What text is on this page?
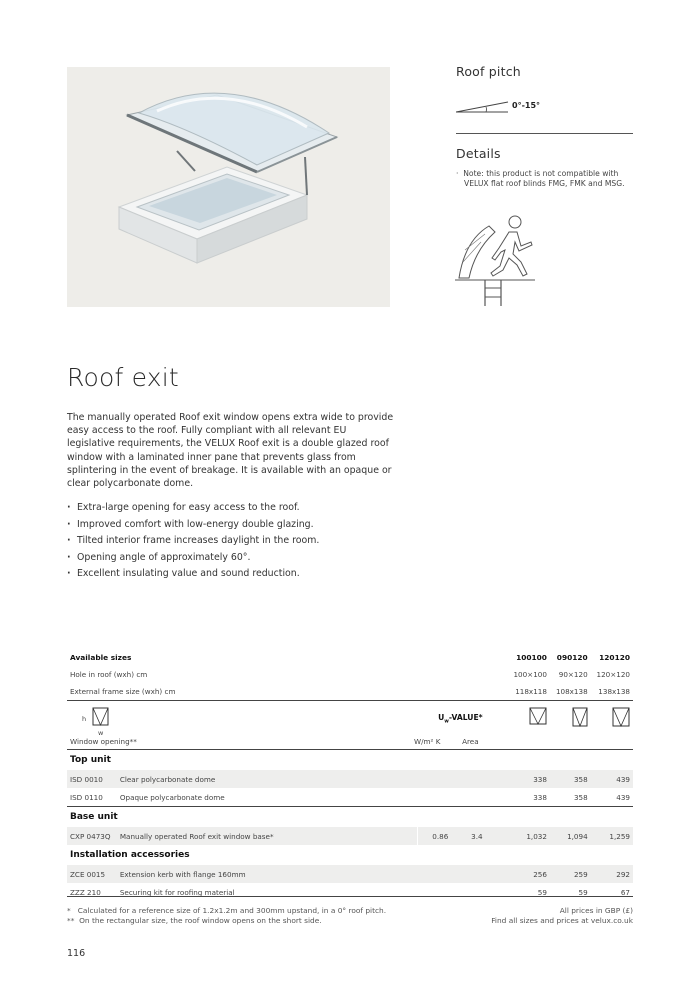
Roof pitch
0°-15°
Details
·  Note: this product is not compatible with
VELUX flat roof blinds FMG, FMK and MSG.
Roof exit
The manually operated Roof exit window opens extra wide to provide easy access to the roof. Fully compliant with all relevant EU legislative requirements, the VELUX Roof exit is a double glazed roof window with a laminated inner pane that prevents glass from splintering in the event of breakage. It is available with an opaque or clear polycarbonate dome.
· Extra-large opening for easy access to the roof.
· Improved comfort with low-energy double glazing.
· Tilted interior frame increases daylight in the room.
· Opening angle of approximately 60°.
· Excellent insulating value and sound reduction.
Available sizes				100100	090120	120120
Hole in roof (wxh) cm				100×100	90×120	120×120
External frame size (wxh) cm				118x118	108x138	138x138

h
w
Window opening**		$U_w-VALUE*$
W/m² K Area

Top unit						
ISD 0010	Clear polycarbonate dome			338	358	439
ISD 0110	Opaque polycarbonate dome			338	358	439
Base unit						
CXP 0473Q	Manually operated Roof exit window base*	0.86	3.4	1,032	1,094	1,259
Installation accessories						
ZCE 0015	Extension kerb with flange 160mm			256	259	292
ZZZ 210	Securing kit for roofing material			59	59	67
*   Calculated for a reference size of 1.2x1.2m and 300mm upstand, in a 0° roof pitch.
**  On the rectangular size, the roof window opens on the short side.
All prices in GBP (£)
Find all sizes and prices at velux.co.uk
116
